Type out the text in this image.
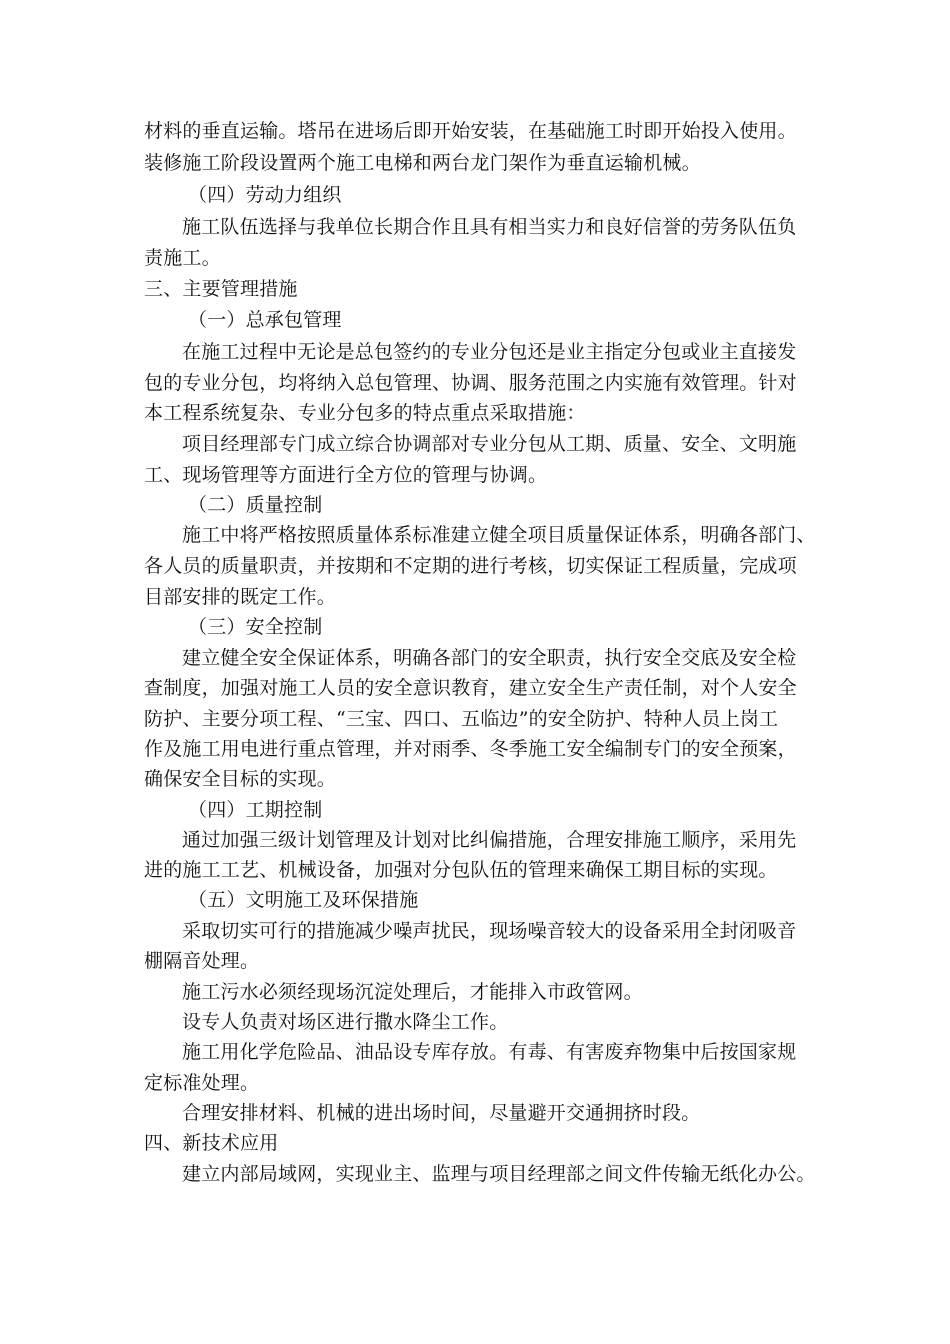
材料的垂直运输。塔吊在进场后即开始安装，在基础施工时即开始投入使用。
装修施工阶段设置两个施工电梯和两台龙门架作为垂直运输机械。
（四）劳动力组织
施工队伍选择与我单位长期合作且具有相当实力和良好信誉的劳务队伍负
责施工。
三、主要管理措施
（一）总承包管理
在施工过程中无论是总包签约的专业分包还是业主指定分包或业主直接发
包的专业分包，均将纳入总包管理、协调、服务范围之内实施有效管理。针对
本工程系统复杂、专业分包多的特点重点采取措施：
项目经理部专门成立综合协调部对专业分包从工期、质量、安全、文明施
工、现场管理等方面进行全方位的管理与协调。
（二）质量控制
施工中将严格按照质量体系标准建立健全项目质量保证体系，明确各部门、
各人员的质量职责，并按期和不定期的进行考核，切实保证工程质量，完成项
目部安排的既定工作。
（三）安全控制
建立健全安全保证体系，明确各部门的安全职责，执行安全交底及安全检
查制度，加强对施工人员的安全意识教育，建立安全生产责任制，对个人安全
防护、主要分项工程、“三宝、四口、五临边”的安全防护、特种人员上岗工
作及施工用电进行重点管理，并对雨季、冬季施工安全编制专门的安全预案，
确保安全目标的实现。
（四）工期控制
通过加强三级计划管理及计划对比纠偏措施，合理安排施工顺序，采用先
进的施工工艺、机械设备，加强对分包队伍的管理来确保工期目标的实现。
（五）文明施工及环保措施
采取切实可行的措施减少噪声扰民，现场噪音较大的设备采用全封闭吸音
棚隔音处理。
施工污水必须经现场沉淀处理后，才能排入市政管网。
设专人负责对场区进行撒水降尘工作。
施工用化学危险品、油品设专库存放。有毒、有害废弃物集中后按国家规
定标准处理。
合理安排材料、机械的进出场时间，尽量避开交通拥挤时段。
四、新技术应用
建立内部局域网，实现业主、监理与项目经理部之间文件传输无纸化办公。
